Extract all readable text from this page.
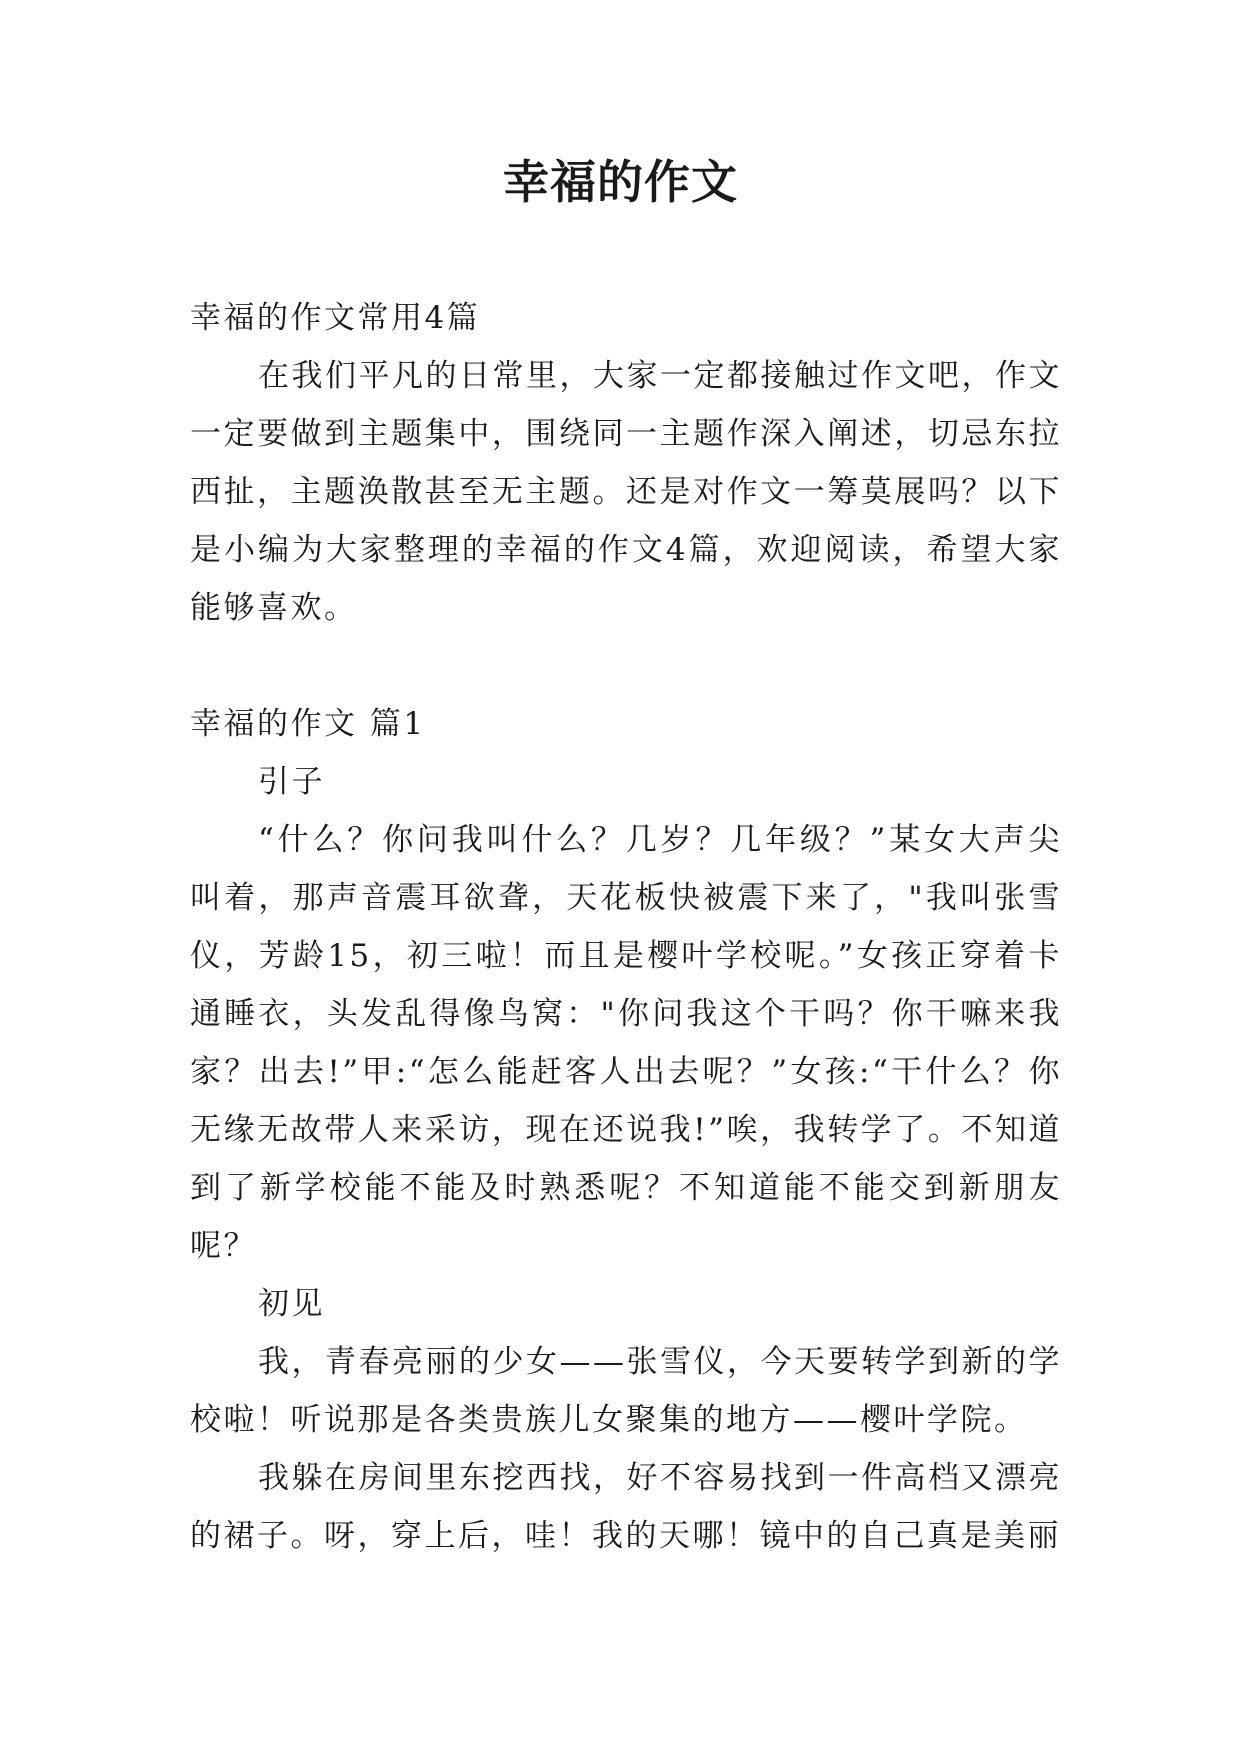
幸福的作文

幸福的作文常用4篇

在我们平凡的日常里，大家一定都接触过作文吧，作文一定要做到主题集中，围绕同一主题作深入阐述，切忌东拉西扯，主题涣散甚至无主题。还是对作文一筹莫展吗？以下是小编为大家整理的幸福的作文4篇，欢迎阅读，希望大家能够喜欢。

幸福的作文 篇1

引子

“什么？你问我叫什么？几岁？几年级？”某女大声尖叫着，那声音震耳欲聋，天花板快被震下来了，"我叫张雪仪，芳龄15，初三啦！而且是樱叶学校呢。”女孩正穿着卡通睡衣，头发乱得像鸟窝："你问我这个干吗？你干嘛来我家？出去!”甲:“怎么能赶客人出去呢？”女孩:“干什么？你无缘无故带人来采访，现在还说我!”唉，我转学了。不知道到了新学校能不能及时熟悉呢？不知道能不能交到新朋友呢？

初见

我，青春亮丽的少女——张雪仪，今天要转学到新的学校啦！听说那是各类贵族儿女聚集的地方——樱叶学院。

我躲在房间里东挖西找，好不容易找到一件高档又漂亮的裙子。呀，穿上后，哇！我的天哪！镜中的自己真是美丽
